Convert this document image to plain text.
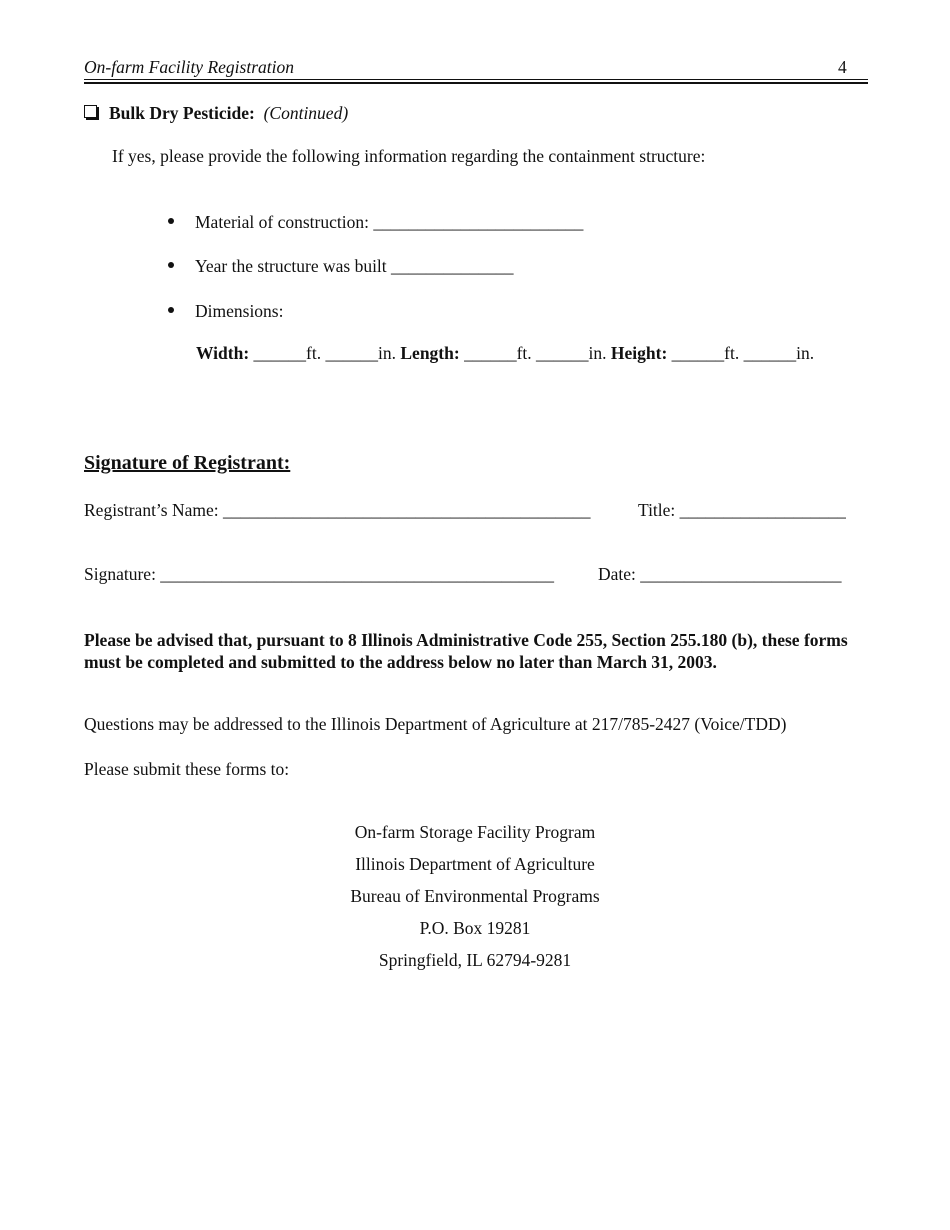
On-farm Facility Registration	4
Bulk Dry Pesticide: (Continued)
If yes, please provide the following information regarding the containment structure:
Material of construction: ________________________
Year the structure was built ______________
Dimensions:
Width: ______ft. ______in. Length: ______ft. ______in. Height: ______ft. ______in.
Signature of Registrant:
Registrant’s Name: __________________________________________	Title: ___________________
Signature: _____________________________________________	Date: _______________________
Please be advised that, pursuant to 8 Illinois Administrative Code 255, Section 255.180 (b), these forms must be completed and submitted to the address below no later than March 31, 2003.
Questions may be addressed to the Illinois Department of Agriculture at 217/785-2427 (Voice/TDD)
Please submit these forms to:
On-farm Storage Facility Program
Illinois Department of Agriculture
Bureau of Environmental Programs
P.O. Box 19281
Springfield, IL 62794-9281
